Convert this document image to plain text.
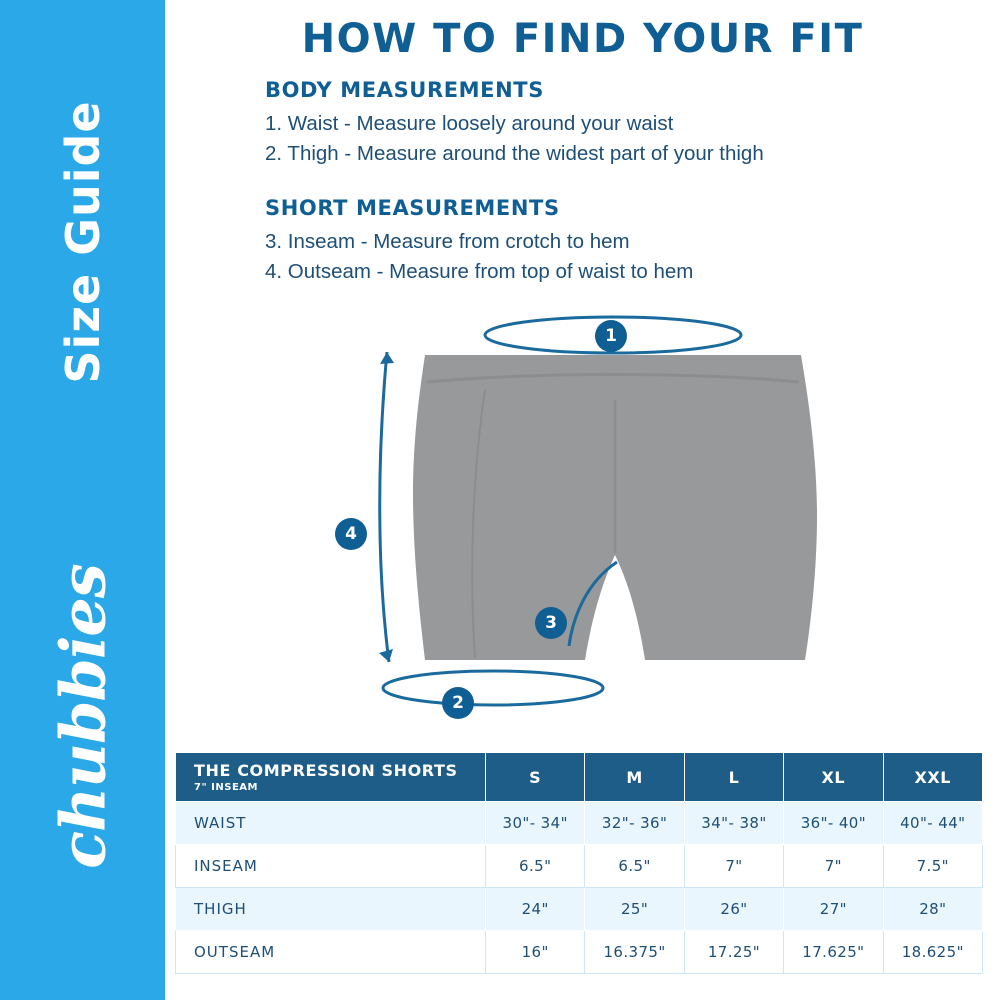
Size Guide
chubbies
HOW TO FIND YOUR FIT
BODY MEASUREMENTS
1. Waist - Measure loosely around your waist
2. Thigh - Measure around the widest part of your thigh
SHORT MEASUREMENTS
3. Inseam - Measure from crotch to hem
4. Outseam - Measure from top of waist to hem
1
2
3
4
THE COMPRESSION SHORTS
7" INSEAM	S	M	L	XL	XXL
WAIST	30"- 34"	32"- 36"	34"- 38"	36"- 40"	40"- 44"
INSEAM	6.5"	6.5"	7"	7"	7.5"
THIGH	24"	25"	26"	27"	28"
OUTSEAM	16"	16.375"	17.25"	17.625"	18.625"
